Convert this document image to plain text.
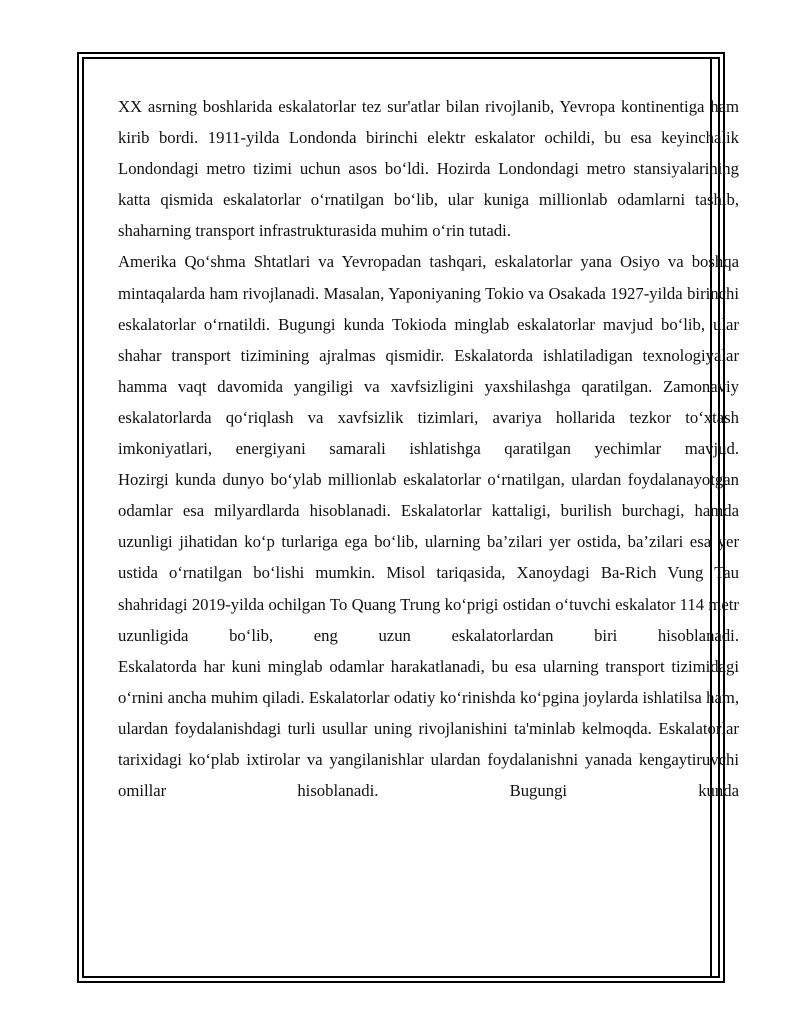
XX asrning boshlarida eskalatorlar tez sur'atlar bilan rivojlanib, Yevropa kontinentiga ham kirib bordi. 1911-yilda Londonda birinchi elektr eskalator ochildi, bu esa keyinchalik Londondagi metro tizimi uchun asos bo‘ldi. Hozirda Londondagi metro stansiyalarining katta qismida eskalatorlar o‘rnatilgan bo‘lib, ular kuniga millionlab odamlarni tashib, shaharning transport infrastrukturasida muhim o‘rin tutadi.

Amerika Qo‘shma Shtatlari va Yevropadan tashqari, eskalatorlar yana Osiyo va boshqa mintaqalarda ham rivojlanadi. Masalan, Yaponiyaning Tokio va Osakada 1927-yilda birinchi eskalatorlar o‘rnatildi. Bugungi kunda Tokioda minglab eskalatorlar mavjud bo‘lib, ular shahar transport tizimining ajralmas qismidir. Eskalatorda ishlatiladigan texnologiyalar hamma vaqt davomida yangiligi va xavfsizligini yaxshilashga qaratilgan. Zamonaviy eskalatorlarda qo‘riqlash va xavfsizlik tizimlari, avariya hollarida tezkor to‘xtash imkoniyatlari, energiyani samarali ishlatishga qaratilgan yechimlar mavjud.

Hozirgi kunda dunyo bo‘ylab millionlab eskalatorlar o‘rnatilgan, ulardan foydalanayotgan odamlar esa milyardlarda hisoblanadi. Eskalatorlar kattaligi, burilish burchagi, hamda uzunligi jihatidan ko‘p turlariga ega bo‘lib, ularning ba’zilari yer ostida, ba’zilari esa yer ustida o‘rnatilgan bo‘lishi mumkin. Misol tariqasida, Xanoydagi Ba-Rich Vung Tau shahridagi 2019-yilda ochilgan To Quang Trung ko‘prigi ostidan o‘tuvchi eskalator 114 metr uzunligida bo‘lib, eng uzun eskalatorlardan biri hisoblanadi.

Eskalatorda har kuni minglab odamlar harakatlanadi, bu esa ularning transport tizimidagi o‘rnini ancha muhim qiladi. Eskalatorlar odatiy ko‘rinishda ko‘pgina joylarda ishlatilsa ham, ulardan foydalanishdagi turli usullar uning rivojlanishini ta'minlab kelmoqda. Eskalatorlar tarixidagi ko‘plab ixtirolar va yangilanishlar ulardan foydalanishni yanada kengaytiruvchi omillar hisoblanadi. Bugungi kunda
